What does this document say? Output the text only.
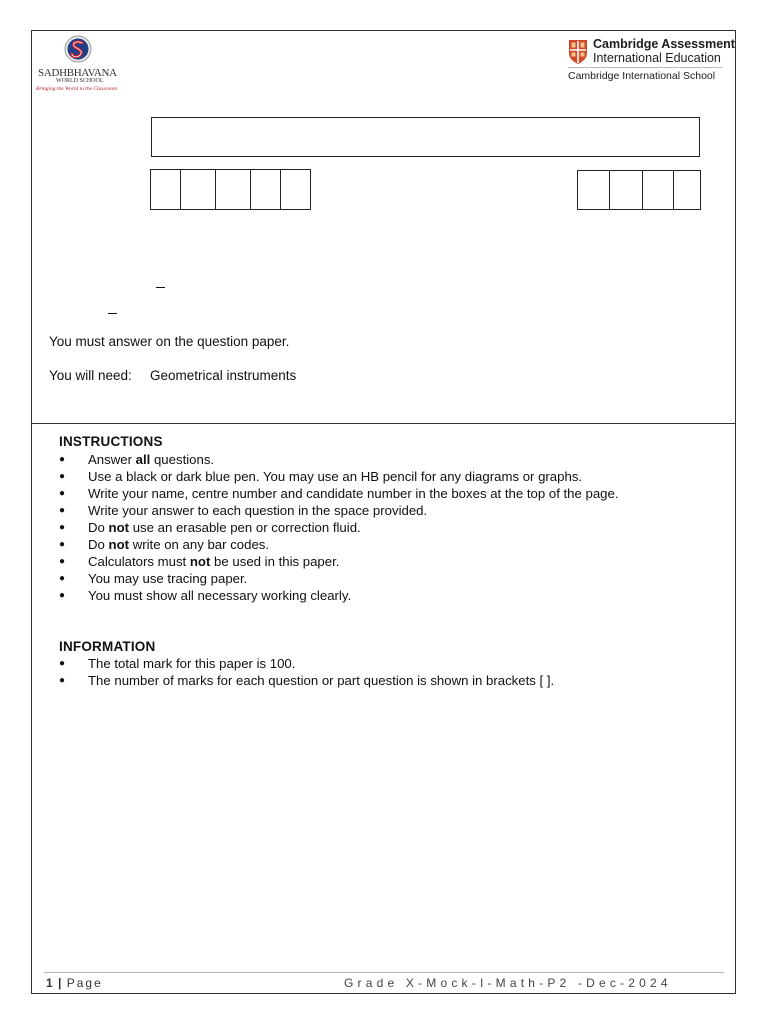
SADHBHAVANA
WORLD SCHOOL
Bringing the World to the Classroom
Cambridge Assessment
International Education
Cambridge International School
You must answer on the question paper.
You will need: Geometrical instruments
INSTRUCTIONS
● Answer all questions.
● Use a black or dark blue pen. You may use an HB pencil for any diagrams or graphs.
● Write your name, centre number and candidate number in the boxes at the top of the page.
● Write your answer to each question in the space provided.
● Do not use an erasable pen or correction fluid.
● Do not write on any bar codes.
● Calculators must not be used in this paper.
● You may use tracing paper.
● You must show all necessary working clearly.
INFORMATION
● The total mark for this paper is 100.
● The number of marks for each question or part question is shown in brackets [ ].
1 | Page	Grade X-Mock-I-Math-P2 -Dec-2024
